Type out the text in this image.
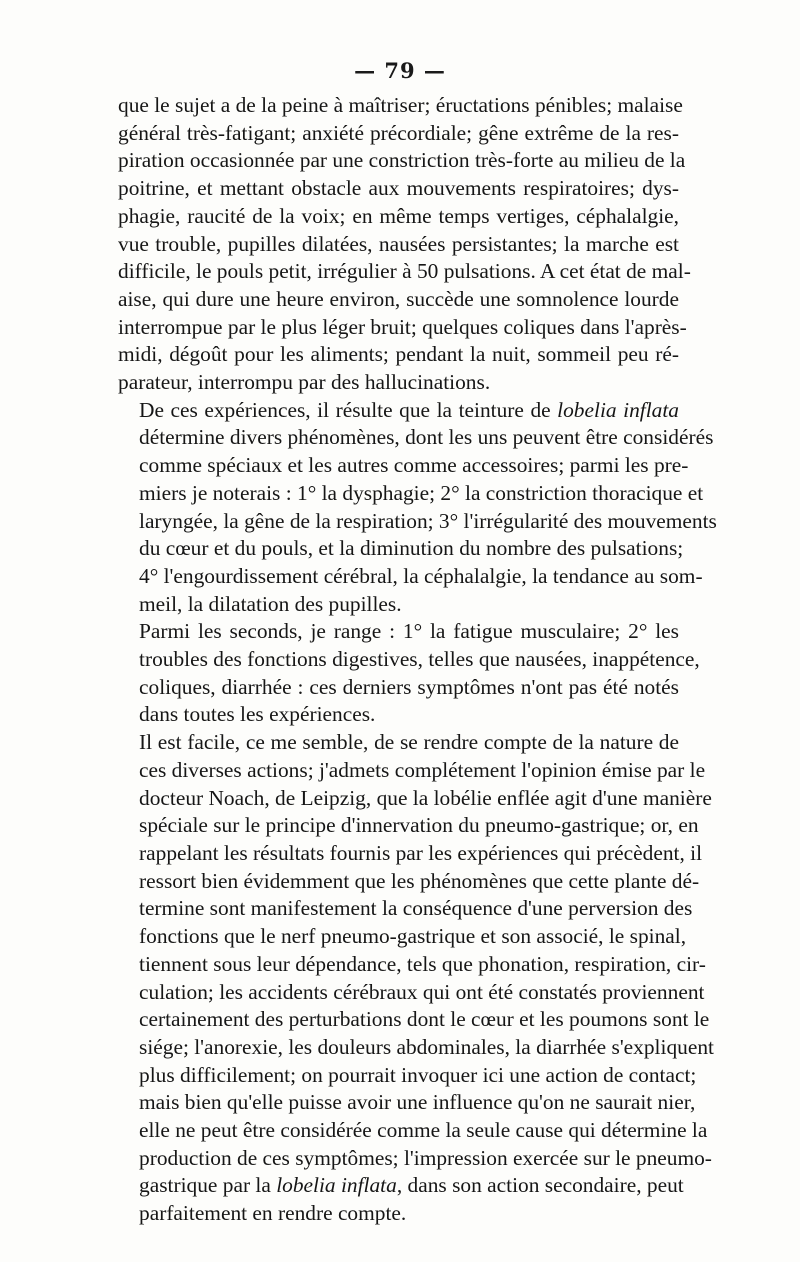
— 79 —
que le sujet a de la peine à maîtriser; éructations pénibles; malaise
général très-fatigant; anxiété précordiale; gêne extrême de la res-
piration occasionnée par une constriction très-forte au milieu de la
poitrine, et mettant obstacle aux mouvements respiratoires; dys-
phagie, raucité de la voix; en même temps vertiges, céphalalgie,
vue trouble, pupilles dilatées, nausées persistantes; la marche est
difficile, le pouls petit, irrégulier à 50 pulsations. A cet état de mal-
aise, qui dure une heure environ, succède une somnolence lourde
interrompue par le plus léger bruit; quelques coliques dans l'après-
midi, dégoût pour les aliments; pendant la nuit, sommeil peu ré-
parateur, interrompu par des hallucinations.
De ces expériences, il résulte que la teinture de lobelia inflata
détermine divers phénomènes, dont les uns peuvent être considérés
comme spéciaux et les autres comme accessoires; parmi les pre-
miers je noterais : 1° la dysphagie; 2° la constriction thoracique et
laryngée, la gêne de la respiration; 3° l'irrégularité des mouvements
du cœur et du pouls, et la diminution du nombre des pulsations;
4° l'engourdissement cérébral, la céphalalgie, la tendance au som-
meil, la dilatation des pupilles.
Parmi les seconds, je range : 1° la fatigue musculaire; 2° les
troubles des fonctions digestives, telles que nausées, inappétence,
coliques, diarrhée : ces derniers symptômes n'ont pas été notés
dans toutes les expériences.
Il est facile, ce me semble, de se rendre compte de la nature de
ces diverses actions; j'admets complétement l'opinion émise par le
docteur Noach, de Leipzig, que la lobélie enflée agit d'une manière
spéciale sur le principe d'innervation du pneumo-gastrique; or, en
rappelant les résultats fournis par les expériences qui précèdent, il
ressort bien évidemment que les phénomènes que cette plante dé-
termine sont manifestement la conséquence d'une perversion des
fonctions que le nerf pneumo-gastrique et son associé, le spinal,
tiennent sous leur dépendance, tels que phonation, respiration, cir-
culation; les accidents cérébraux qui ont été constatés proviennent
certainement des perturbations dont le cœur et les poumons sont le
siége; l'anorexie, les douleurs abdominales, la diarrhée s'expliquent
plus difficilement; on pourrait invoquer ici une action de contact;
mais bien qu'elle puisse avoir une influence qu'on ne saurait nier,
elle ne peut être considérée comme la seule cause qui détermine la
production de ces symptômes; l'impression exercée sur le pneumo-
gastrique par la lobelia inflata, dans son action secondaire, peut
parfaitement en rendre compte.
